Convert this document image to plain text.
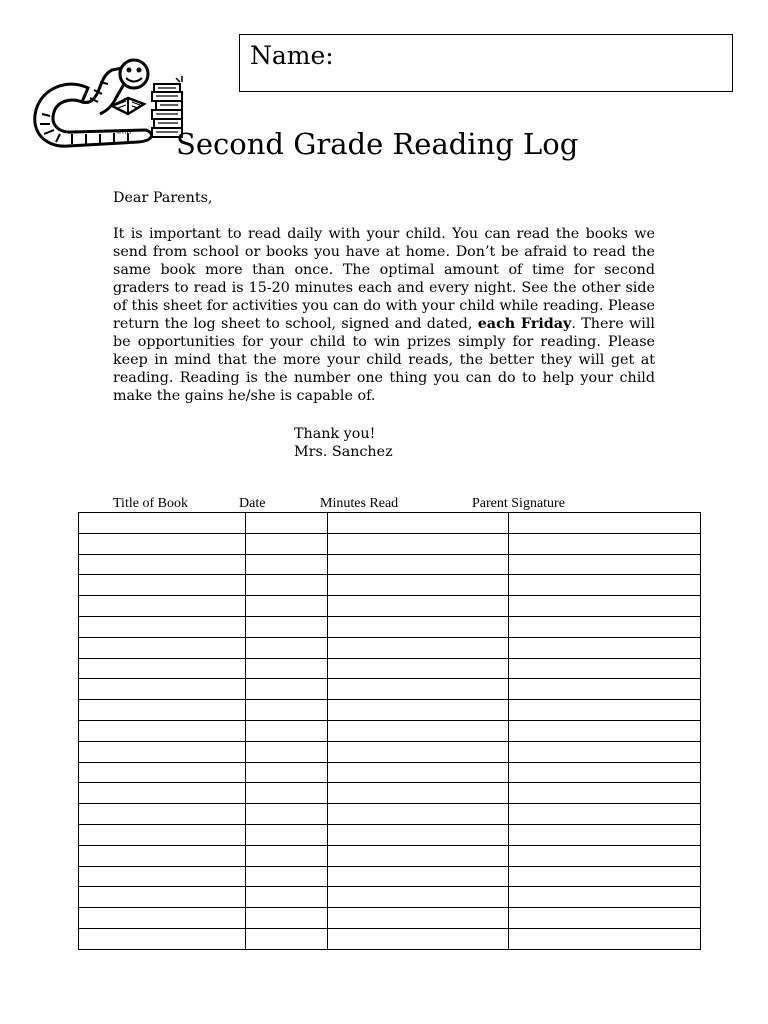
Name:
©HH Second Grade Reading Log

Dear Parents,

It is important to read daily with your child. You can read the books we send from school or books you have at home. Don’t be afraid to read the same book more than once. The optimal amount of time for second graders to read is 15-20 minutes each and every night. See the other side of this sheet for activities you can do with your child while reading. Please return the log sheet to school, signed and dated, each Friday. There will be opportunities for your child to win prizes simply for reading. Please keep in mind that the more your child reads, the better they will get at reading. Reading is the number one thing you can do to help your child make the gains he/she is capable of.

Thank you!
Mrs. Sanchez
Title of Book	Date	Minutes Read	Parent Signature
